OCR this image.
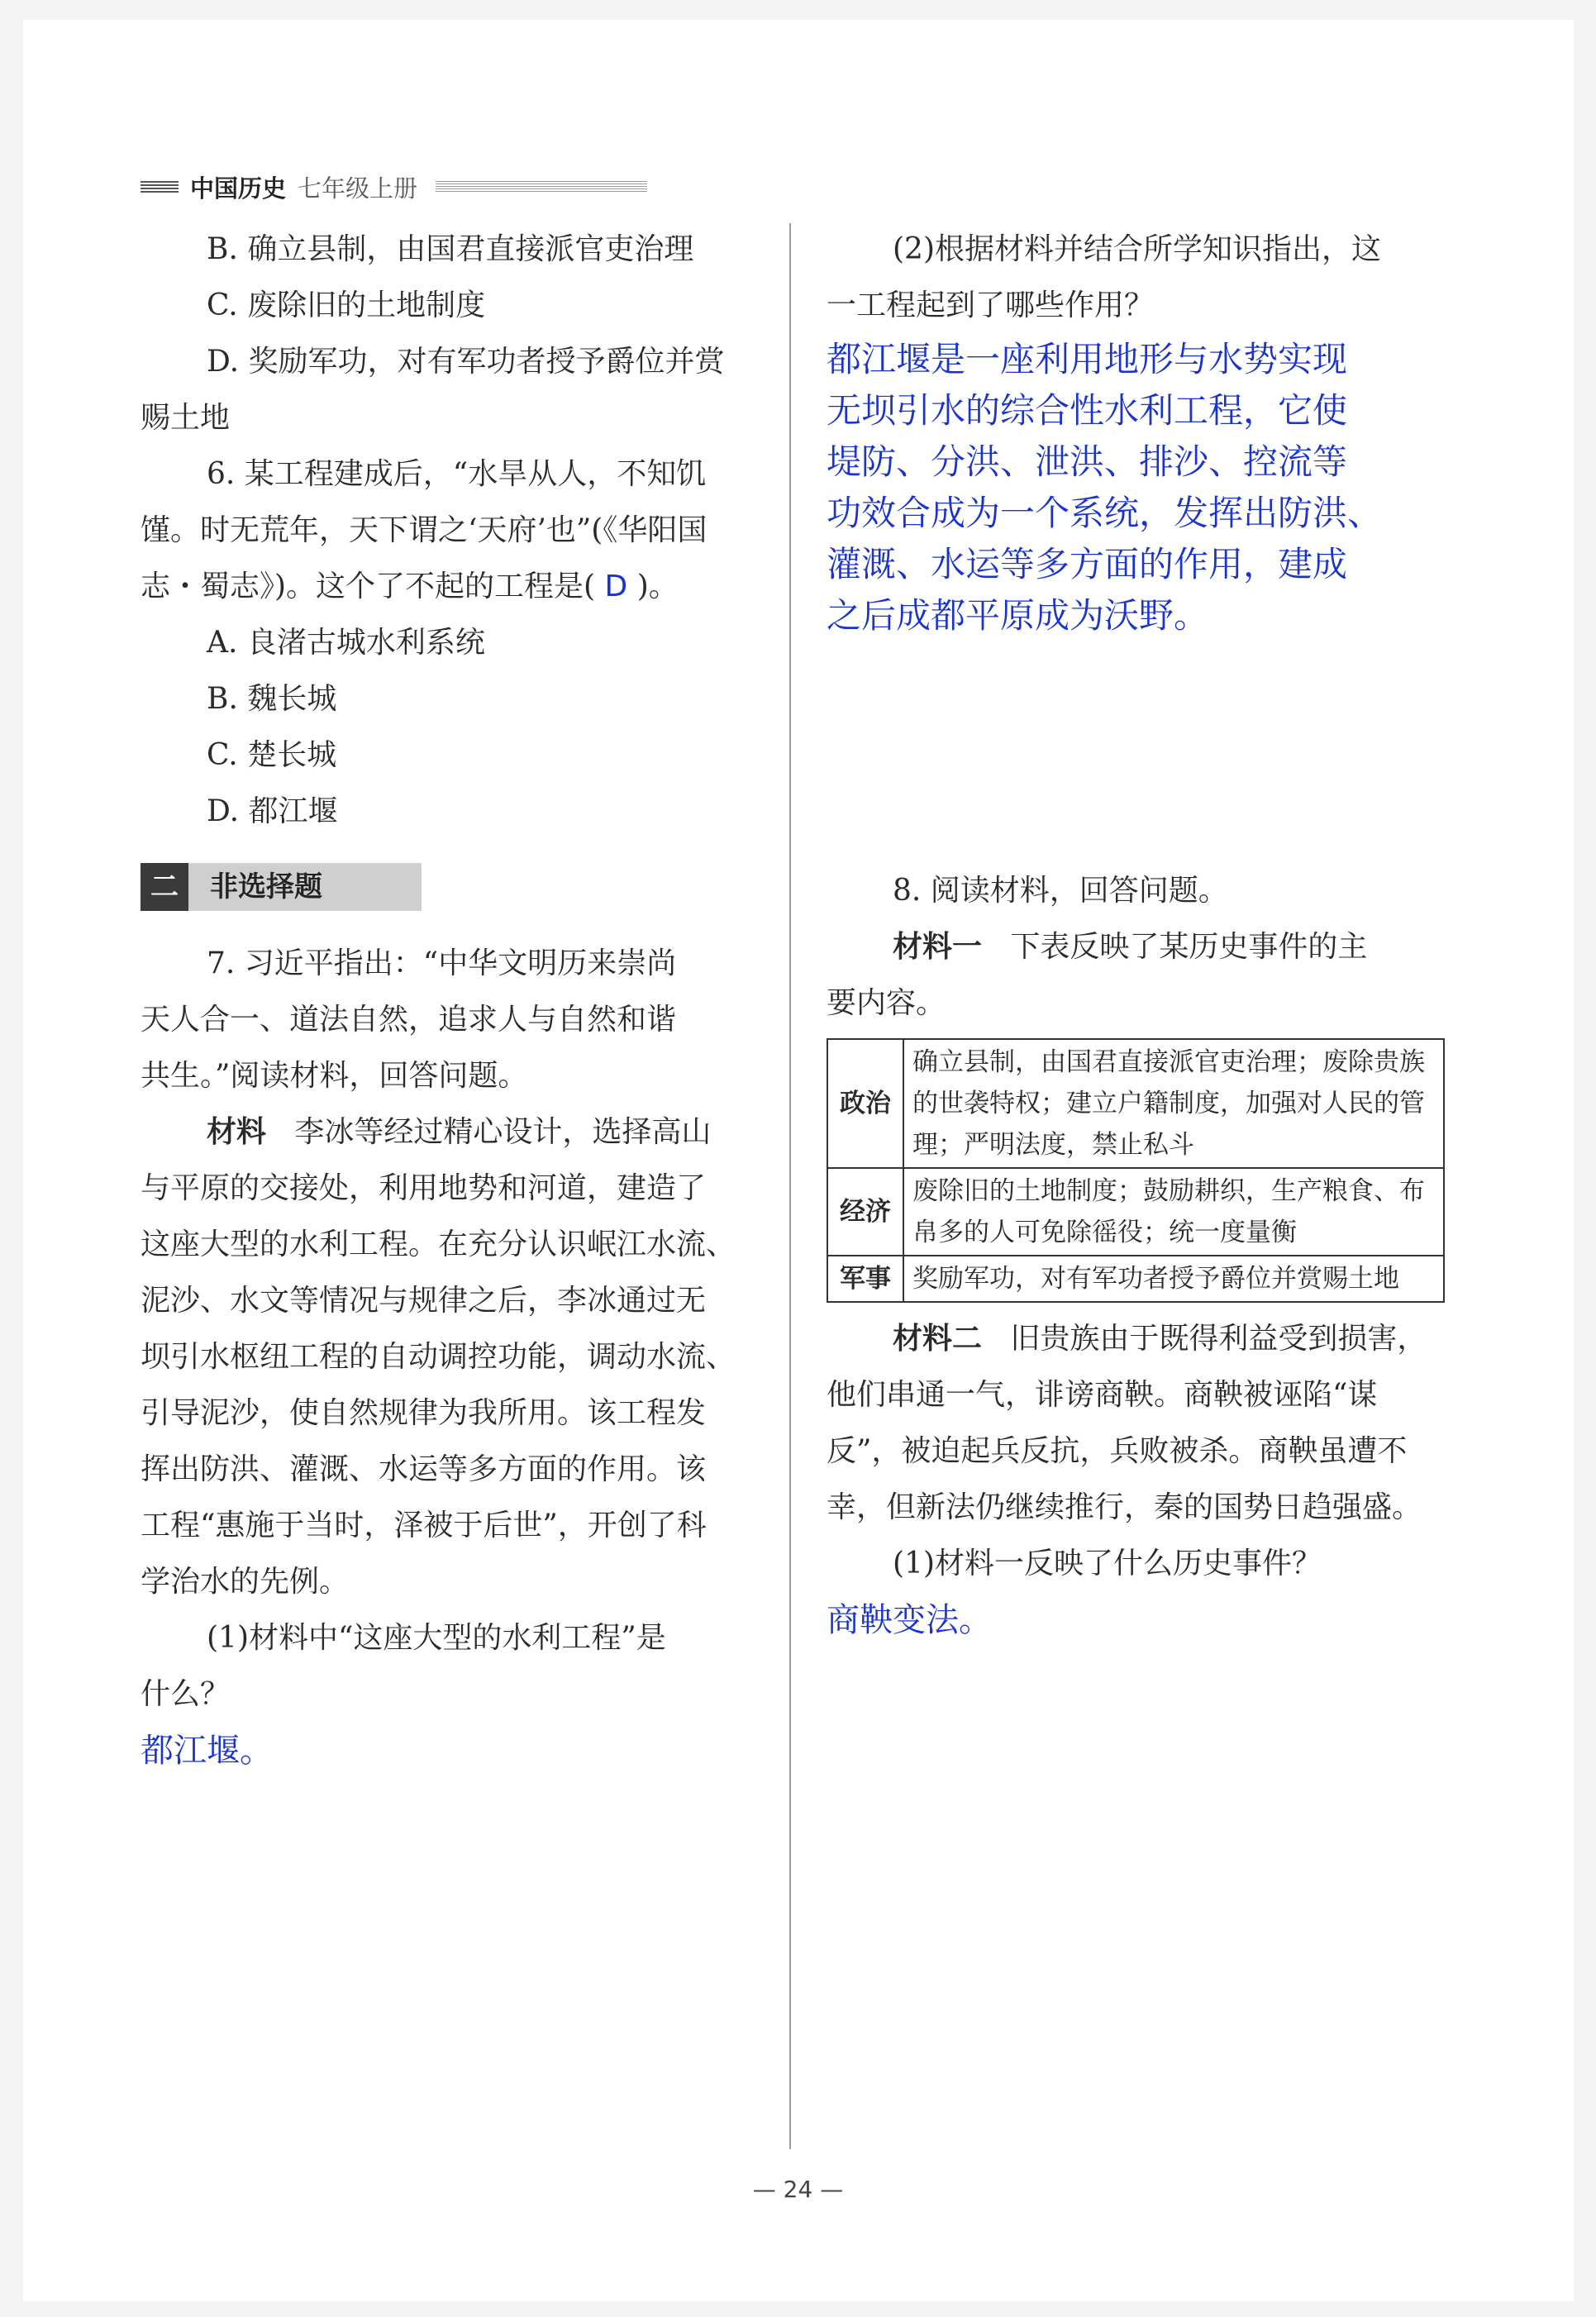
中国历史 七年级上册

B. 确立县制，由国君直接派官吏治理

C. 废除旧的土地制度

D. 奖励军功，对有军功者授予爵位并赏

赐土地

6. 某工程建成后，“水旱从人，不知饥

馑。时无荒年，天下谓之‘天府’也”(《华阳国

志・蜀志》)。这个了不起的工程是( D )。

A. 良渚古城水利系统

B. 魏长城

C. 楚长城

D. 都江堰

二	非选择题

7. 习近平指出：“中华文明历来崇尚

天人合一、道法自然，追求人与自然和谐

共生。”阅读材料，回答问题。

材料 李冰等经过精心设计，选择高山

与平原的交接处，利用地势和河道，建造了

这座大型的水利工程。在充分认识岷江水流、

泥沙、水文等情况与规律之后，李冰通过无

坝引水枢纽工程的自动调控功能，调动水流、

引导泥沙，使自然规律为我所用。该工程发

挥出防洪、灌溉、水运等多方面的作用。该

工程“惠施于当时，泽被于后世”，开创了科

学治水的先例。

(1)材料中“这座大型的水利工程”是

什么？

都江堰。

(2)根据材料并结合所学知识指出，这

一工程起到了哪些作用？

都江堰是一座利用地形与水势实现

无坝引水的综合性水利工程，它使

堤防、分洪、泄洪、排沙、控流等

功效合成为一个系统，发挥出防洪、

灌溉、水运等多方面的作用，建成

之后成都平原成为沃野。

8. 阅读材料，回答问题。

材料一 下表反映了某历史事件的主

要内容。

政治	确立县制，由国君直接派官吏治理；废除贵族的世袭特权；建立户籍制度，加强对人民的管理；严明法度，禁止私斗
经济	废除旧的土地制度；鼓励耕织，生产粮食、布帛多的人可免除徭役；统一度量衡
军事	奖励军功，对有军功者授予爵位并赏赐土地

材料二 旧贵族由于既得利益受到损害，

他们串通一气，诽谤商鞅。商鞅被诬陷“谋

反”，被迫起兵反抗，兵败被杀。商鞅虽遭不

幸，但新法仍继续推行，秦的国势日趋强盛。

(1)材料一反映了什么历史事件？

商鞅变法。

— 24 —
